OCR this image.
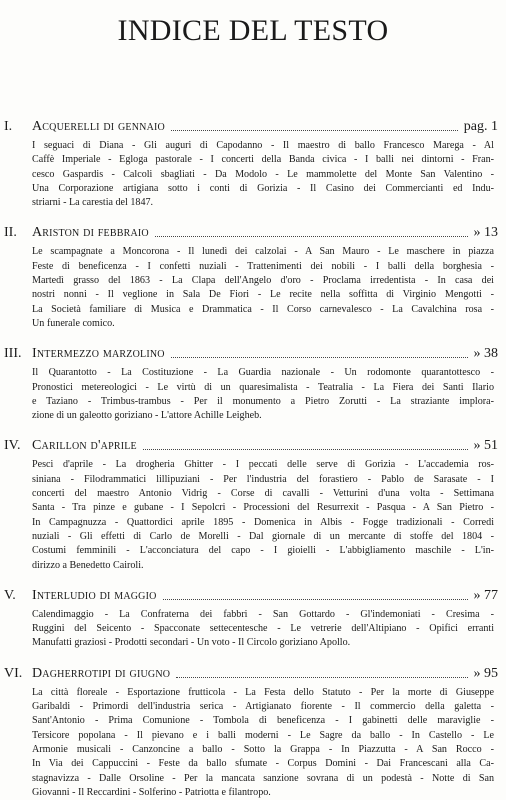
INDICE DEL TESTO
I.	Acquerelli di gennaio	pag. 1
I seguaci di Diana - Gli auguri di Capodanno - Il maestro di ballo Francesco Marega - Al
Caffè Imperiale - Egloga pastorale - I concerti della Banda civica - I balli nei dintorni - Fran-
cesco Gaspardis - Calcoli sbagliati - Da Modolo - Le mammolette del Monte San Valentino -
Una Corporazione artigiana sotto i conti di Gorizia - Il Casino dei Commercianti ed Indu-
striarni - La carestia del 1847.
II.	Ariston di febbraio	» 13
Le scampagnate a Moncorona - Il lunedì dei calzolai - A San Mauro - Le maschere in piazza
Feste di beneficenza - I confetti nuziali - Trattenimenti dei nobili - I balli della borghesia -
Martedì grasso del 1863 - La Clapa dell'Angelo d'oro - Proclama irredentista - In casa dei
nostri nonni - Il veglione in Sala De Fiori - Le recite nella soffitta di Virginio Mengotti -
La Società familiare di Musica e Drammatica - Il Corso carnevalesco - La Cavalchina rosa -
Un funerale comico.
III. Intermezzo marzolino	» 38
Il Quarantotto - La Costituzione - La Guardia nazionale - Un rodomonte quarantottesco -
Pronostici metereologici - Le virtù di un quaresimalista - Teatralia - La Fiera dei Santi Ilario
e Taziano - Trimbus-trambus - Per il monumento a Pietro Zorutti - La straziante implora-
zione di un galeotto goriziano - L'attore Achille Leigheb.
IV. Carillon d'aprile	» 51
Pesci d'aprile - La drogheria Ghitter - I peccati delle serve di Gorizia - L'accademia ros-
siniana - Filodrammatici lillipuziani - Per l'industria del forastiero - Pablo de Sarasate - I
concerti del maestro Antonio Vidrig - Corse di cavalli - Vetturini d'una volta - Settimana
Santa - Tra pinze e gubane - I Sepolcri - Processioni del Resurrexit - Pasqua - A San Pietro -
In Campagnuzza - Quattordici aprile 1895 - Domenica in Albis - Fogge tradizionali - Corredi
nuziali - Gli effetti di Carlo de Morelli - Dal giornale di un mercante di stoffe del 1804 -
Costumi femminili - L'acconciatura del capo - I gioielli - L'abbigliamento maschile - L'in-
dirizzo a Benedetto Cairoli.
V.	Interludio di maggio	» 77
Calendimaggio - La Confraterna dei fabbri - San Gottardo - Gl'indemoniati - Cresima -
Ruggini del Seicento - Spacconate settecentesche - Le vetrerie dell'Altipiano - Opifici erranti
Manufatti graziosi - Prodotti secondari - Un voto - Il Circolo goriziano Apollo.
VI. Dagherrotipi di giugno	» 95
La città floreale - Esportazione frutticola - La Festa dello Statuto - Per la morte di Giuseppe
Garibaldi - Primordi dell'industria serica - Artigianato fiorente - Il commercio della galetta -
Sant'Antonio - Prima Comunione - Tombola di beneficenza - I gabinetti delle maraviglie -
Tersicore popolana - Il pievano e i balli moderni - Le Sagre da ballo - In Castello - Le
Armonie musicali - Canzoncine a ballo - Sotto la Grappa - In Piazzutta - A San Rocco -
In Via dei Cappuccini - Feste da ballo sfumate - Corpus Domini - Dai Francescani alla Ca-
stagnavizza - Dalle Orsoline - Per la mancata sanzione sovrana di un podestà - Notte di San
Giovanni - Il Reccardini - Solferino - Patriotta e filantropo.
